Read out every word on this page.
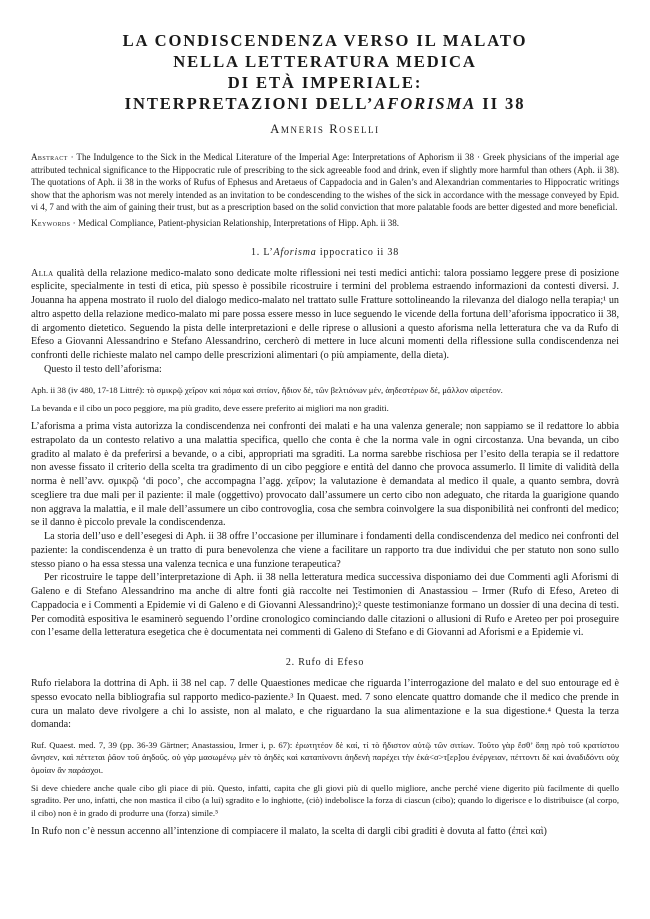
LA CONDISCENDENZA VERSO IL MALATO
NELLA LETTERATURA MEDICA
DI ETÀ IMPERIALE:
INTERPRETAZIONI DELL’AFORISMA II 38
Amneris Roselli

Abstract · The Indulgence to the Sick in the Medical Literature of the Imperial Age: Interpretations of Aphorism ii 38 · Greek physicians of the imperial age attributed technical significance to the Hippocratic rule of prescribing to the sick agreeable food and drink, even if slightly more harmful than others (Aph. ii 38). The quotations of Aph. ii 38 in the works of Rufus of Ephesus and Aretaeus of Cappadocia and in Galen’s and Alexandrian commentaries to Hippocratic writings show that the aphorism was not merely intended as an invitation to be condescending to the wishes of the sick in accordance with the message conveyed by Epid. vi 4, 7 and with the aim of gaining their trust, but as a prescription based on the solid conviction that more palatable foods are better digested and more beneficial.

Keywords · Medical Compliance, Patient-physician Relationship, Interpretations of Hipp. Aph. ii 38.

1. L’Aforisma ippocratico ii 38

Alla qualità della relazione medico-malato sono dedicate molte riflessioni nei testi medici antichi: talora possiamo leggere prese di posizione esplicite, specialmente in testi di etica, più spesso è possibile ricostruire i termini del problema estraendo informazioni da contesti diversi. J. Jouanna ha appena mostrato il ruolo del dialogo medico-malato nel trattato sulle Fratture sottolineando la rilevanza del dialogo nella terapia;¹ un altro aspetto della relazione medico-malato mi pare possa essere messo in luce seguendo le vicende della fortuna dell’aforisma ippocratico ii 38, di argomento dietetico. Seguendo la pista delle interpretazioni e delle riprese o allusioni a questo aforisma nella letteratura che va da Rufo di Efeso a Giovanni Alessandrino e Stefano Alessandrino, cercherò di mettere in luce alcuni momenti della riflessione sulla condiscendenza nei confronti delle richieste malato nel campo delle prescrizioni alimentari (o più ampiamente, della dieta).

Questo il testo dell’aforisma:

Aph. ii 38 (iv 480, 17-18 Littré): τὸ σμικρῷ χεῖρον καὶ πόμα καὶ σιτίον, ἥδιον δέ, τῶν βελτιόνων μέν, ἀηδεστέρων δέ, μᾶλλον αἱρετέον.

La bevanda e il cibo un poco peggiore, ma più gradito, deve essere preferito ai migliori ma non graditi.

L’aforisma a prima vista autorizza la condiscendenza nei confronti dei malati e ha una valenza generale; non sappiamo se il redattore lo abbia estrapolato da un contesto relativo a una malattia specifica, quello che conta è che la norma vale in ogni circostanza. Una bevanda, un cibo gradito al malato è da preferirsi a bevande, o a cibi, appropriati ma sgraditi. La norma sarebbe rischiosa per l’esito della terapia se il redattore non avesse fissato il criterio della scelta tra gradimento di un cibo peggiore e entità del danno che provoca assumerlo. Il limite di validità della norma è nell’avv. σμικρῷ ‘di poco’, che accompagna l’agg. χεῖρον; la valutazione è demandata al medico il quale, a quanto sembra, dovrà scegliere tra due mali per il paziente: il male (oggettivo) provocato dall’assumere un certo cibo non adeguato, che ritarda la guarigione quando non aggrava la malattia, e il male dell’assumere un cibo controvoglia, cosa che sembra coinvolgere la sua disponibilità nei confronti del medico; se il danno è piccolo prevale la condiscendenza.

La storia dell’uso e dell’esegesi di Aph. ii 38 offre l’occasione per illuminare i fondamenti della condiscendenza del medico nei confronti del paziente: la condiscendenza è un tratto di pura benevolenza che viene a facilitare un rapporto tra due individui che per statuto non sono sullo stesso piano o ha essa stessa una valenza tecnica e una funzione terapeutica?

Per ricostruire le tappe dell’interpretazione di Aph. ii 38 nella letteratura medica successiva disponiamo dei due Commenti agli Aforismi di Galeno e di Stefano Alessandrino ma anche di altre fonti già raccolte nei Testimonien di Anastassiou – Irmer (Rufo di Efeso, Areteo di Cappadocia e i Commenti a Epidemie vi di Galeno e di Giovanni Alessandrino);² queste testimonianze formano un dossier di una decina di testi. Per comodità espositiva le esaminerò seguendo l’ordine cronologico cominciando dalle citazioni o allusioni di Rufo e Areteo per poi proseguire con l’esame della letteratura esegetica che è documentata nei commenti di Galeno di Stefano e di Giovanni ad Aforismi e a Epidemie vi.

2. Rufo di Efeso

Rufo rielabora la dottrina di Aph. ii 38 nel cap. 7 delle Quaestiones medicae che riguarda l’interrogazione del malato e del suo entourage ed è spesso evocato nella bibliografia sul rapporto medico-paziente.³ In Quaest. med. 7 sono elencate quattro domande che il medico che prende in cura un malato deve rivolgere a chi lo assiste, non al malato, e che riguardano la sua alimentazione e la sua digestione.⁴ Questa la terza domanda:

Ruf. Quaest. med. 7, 39 (pp. 36-39 Gärtner; Anastassiou, Irmer i, p. 67): ἐρωτητέον δὲ καί, τί τὸ ἥδιστον αὐτῷ τῶν σιτίων. Τοῦτο γὰρ ἔσθ’ ὅπῃ πρὸ τοῦ κρατίστου ὤνησεν, καὶ πέττεται ῥᾶον τοῦ ἀηδοῦς. οὐ γὰρ μασωμένῳ μὲν τὸ ἀηδὲς καὶ καταπίνοντι ἀηδενὴ παρέχει τὴν ἐκά<σ>τ[ερ]ου ἐνέργειαν, πέττοντι δὲ καὶ ἀναδιδόντι οὐχ ὁμοίαν ἂν παράσχοι.

Si deve chiedere anche quale cibo gli piace di più. Questo, infatti, capita che gli giovi più di quello migliore, anche perché viene digerito più facilmente di quello sgradito. Per uno, infatti, che non mastica il cibo (a lui) sgradito e lo inghiotte, (ciò) indebolisce la forza di ciascun (cibo); quando lo digerisce e lo distribuisce (al corpo, il cibo) non è in grado di produrre una (forza) simile.⁵

In Rufo non c’è nessun accenno all’intenzione di compiacere il malato, la scelta di dargli cibi graditi è dovuta al fatto (ἐπεὶ καὶ)
